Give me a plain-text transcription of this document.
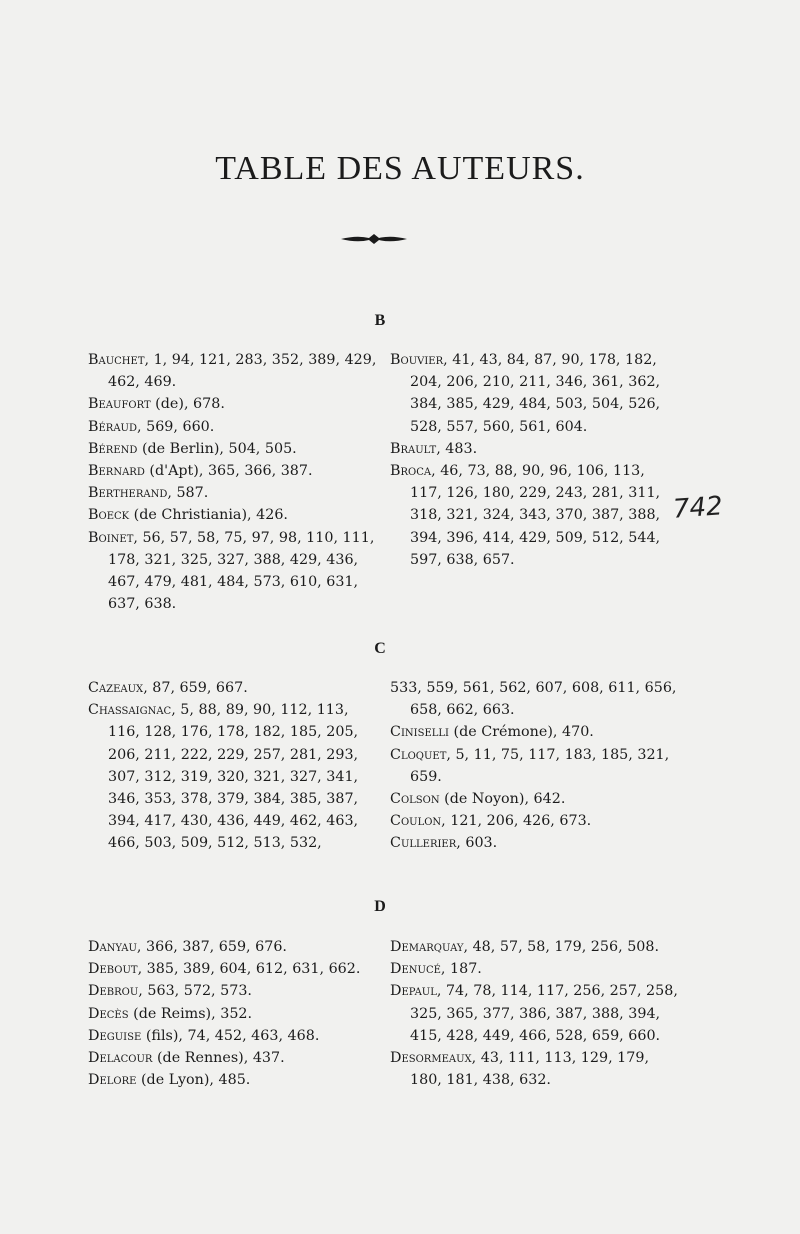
TABLE DES AUTEURS.
B

Bauchet, 1, 94, 121, 283, 352, 389, 429, 462, 469.

Beaufort (de), 678.

Béraud, 569, 660.

Bérend (de Berlin), 504, 505.

Bernard (d'Apt), 365, 366, 387.

Bertherand, 587.

Boeck (de Christiania), 426.

Boinet, 56, 57, 58, 75, 97, 98, 110, 111, 178, 321, 325, 327, 388, 429, 436, 467, 479, 481, 484, 573, 610, 631, 637, 638.

Bouvier, 41, 43, 84, 87, 90, 178, 182, 204, 206, 210, 211, 346, 361, 362, 384, 385, 429, 484, 503, 504, 526, 528, 557, 560, 561, 604.

Brault, 483.

Broca, 46, 73, 88, 90, 96, 106, 113, 117, 126, 180, 229, 243, 281, 311, 318, 321, 324, 343, 370, 387, 388, 394, 396, 414, 429, 509, 512, 544, 597, 638, 657.

C

Cazeaux, 87, 659, 667.

Chassaignac, 5, 88, 89, 90, 112, 113, 116, 128, 176, 178, 182, 185, 205, 206, 211, 222, 229, 257, 281, 293, 307, 312, 319, 320, 321, 327, 341, 346, 353, 378, 379, 384, 385, 387, 394, 417, 430, 436, 449, 462, 463, 466, 503, 509, 512, 513, 532,

533, 559, 561, 562, 607, 608, 611, 656, 658, 662, 663.

Ciniselli (de Crémone), 470.

Cloquet, 5, 11, 75, 117, 183, 185, 321, 659.

Colson (de Noyon), 642.

Coulon, 121, 206, 426, 673.

Cullerier, 603.

D

Danyau, 366, 387, 659, 676.

Debout, 385, 389, 604, 612, 631, 662.

Debrou, 563, 572, 573.

Decès (de Reims), 352.

Deguise (fils), 74, 452, 463, 468.

Delacour (de Rennes), 437.

Delore (de Lyon), 485.

Demarquay, 48, 57, 58, 179, 256, 508.

Denucé, 187.

Depaul, 74, 78, 114, 117, 256, 257, 258, 325, 365, 377, 386, 387, 388, 394, 415, 428, 449, 466, 528, 659, 660.

Desormeaux, 43, 111, 113, 129, 179, 180, 181, 438, 632.

742
